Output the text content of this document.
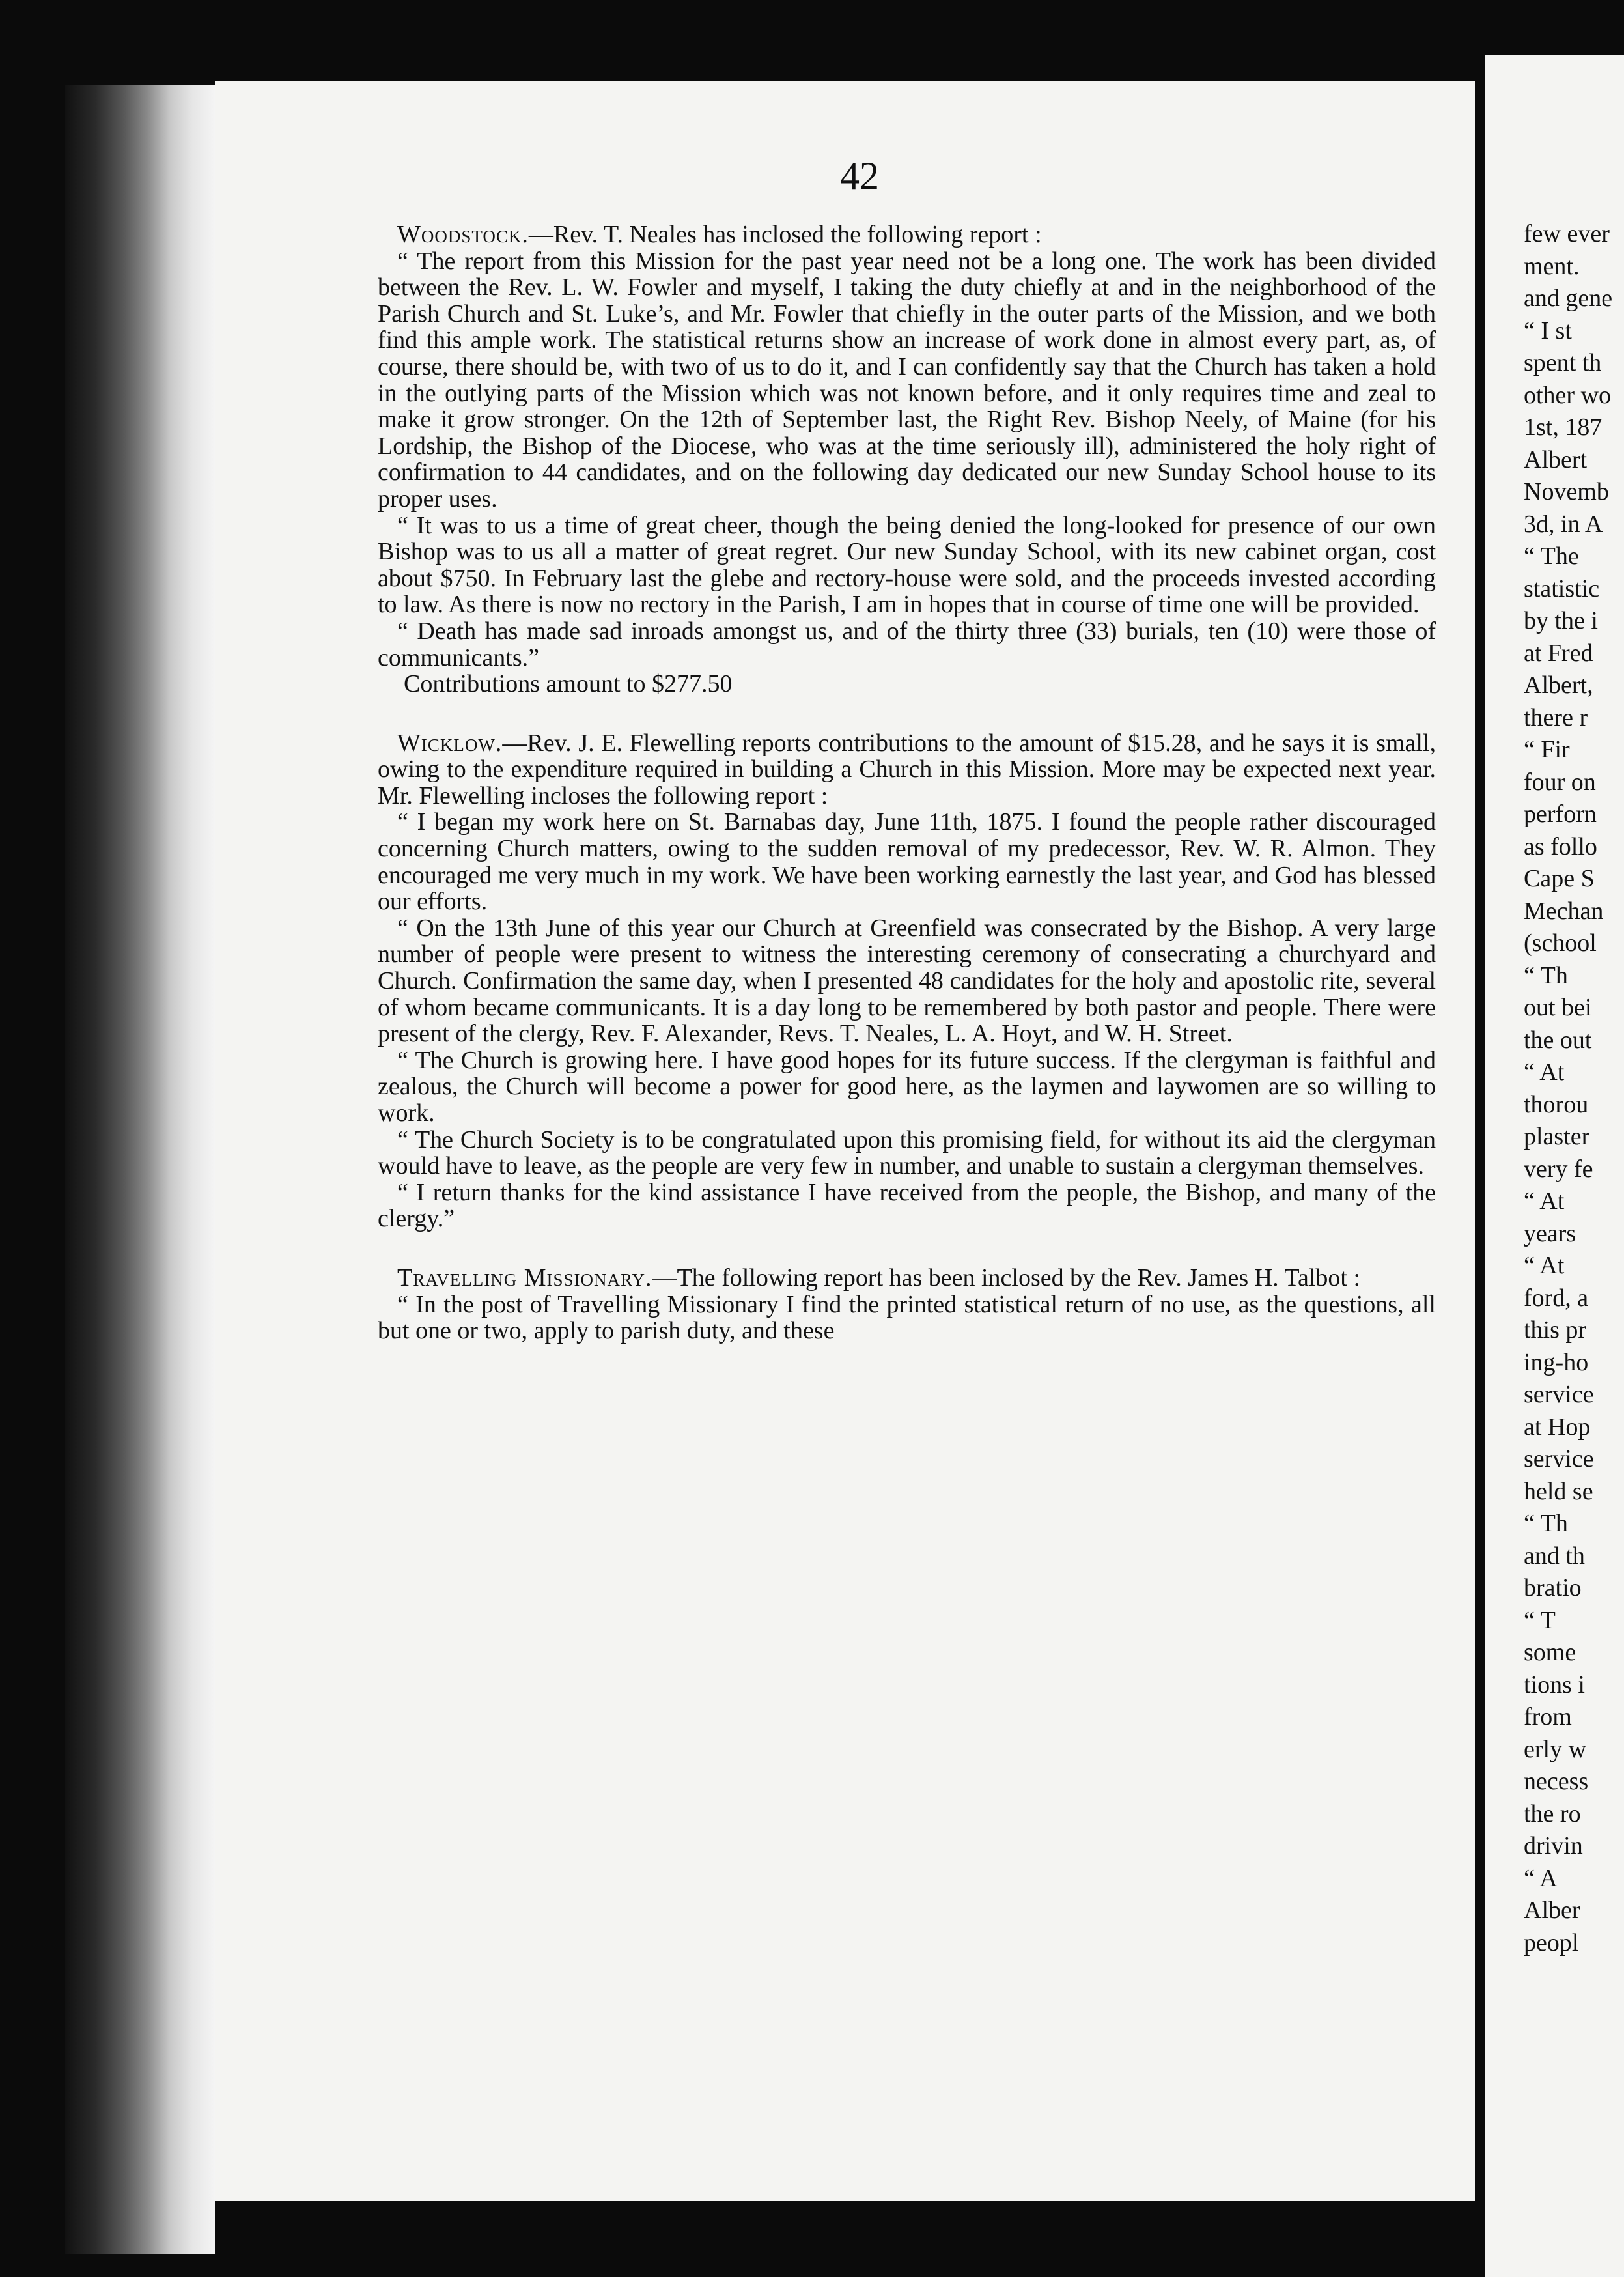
42

Woodstock.—Rev. T. Neales has inclosed the following report :

“ The report from this Mission for the past year need not be a long one. The work has been divided between the Rev. L. W. Fowler and myself, I taking the duty chiefly at and in the neighborhood of the Parish Church and St. Luke’s, and Mr. Fowler that chiefly in the outer parts of the Mission, and we both find this ample work. The statistical returns show an increase of work done in almost every part, as, of course, there should be, with two of us to do it, and I can confidently say that the Church has taken a hold in the outlying parts of the Mission which was not known before, and it only requires time and zeal to make it grow stronger. On the 12th of September last, the Right Rev. Bishop Neely, of Maine (for his Lordship, the Bishop of the Diocese, who was at the time seriously ill), administered the holy right of confirmation to 44 candidates, and on the following day dedicated our new Sunday School house to its proper uses.

“ It was to us a time of great cheer, though the being denied the long-looked for presence of our own Bishop was to us all a matter of great regret. Our new Sunday School, with its new cabinet organ, cost about $750. In February last the glebe and rectory-house were sold, and the proceeds invested according to law. As there is now no rectory in the Parish, I am in hopes that in course of time one will be provided.

“ Death has made sad inroads amongst us, and of the thirty three (33) burials, ten (10) were those of communicants.”

Contributions amount to $277.50

Wicklow.—Rev. J. E. Flewelling reports contributions to the amount of $15.28, and he says it is small, owing to the expenditure required in building a Church in this Mission. More may be expected next year. Mr. Flewelling incloses the following report :

“ I began my work here on St. Barnabas day, June 11th, 1875. I found the people rather discouraged concerning Church matters, owing to the sudden removal of my predecessor, Rev. W. R. Almon. They encouraged me very much in my work. We have been working earnestly the last year, and God has blessed our efforts.

“ On the 13th June of this year our Church at Greenfield was consecrated by the Bishop. A very large number of people were present to witness the interesting ceremony of consecrating a churchyard and Church. Confirmation the same day, when I presented 48 candidates for the holy and apostolic rite, several of whom became communicants. It is a day long to be remembered by both pastor and people. There were present of the clergy, Rev. F. Alexander, Revs. T. Neales, L. A. Hoyt, and W. H. Street.

“ The Church is growing here. I have good hopes for its future success. If the clergyman is faithful and zealous, the Church will become a power for good here, as the laymen and laywomen are so willing to work.

“ The Church Society is to be congratulated upon this promising field, for without its aid the clergyman would have to leave, as the people are very few in number, and unable to sustain a clergyman themselves.

“ I return thanks for the kind assistance I have received from the people, the Bishop, and many of the clergy.”

Travelling Missionary.—The following report has been inclosed by the Rev. James H. Talbot :

“ In the post of Travelling Missionary I find the printed statistical return of no use, as the questions, all but one or two, apply to parish duty, and these

few ever
ment.
and gene
“ I st
spent th
other wo
1st, 187
Albert
Novemb
3d, in A
“ The
statistic
by the i
at Fred
Albert,
there r
“ Fir
four on
perforn
as follo
Cape S
Mechan
(school
“ Th
out bei
the out
“ At
thorou
plaster
very fe
“ At
years
“ At
ford, a
this pr
ing-ho
service
at Hop
service
held se
“ Th
and th
bratio
“ T
some
tions i
from
erly w
necess
the ro
drivin
“ A
Alber
peopl
